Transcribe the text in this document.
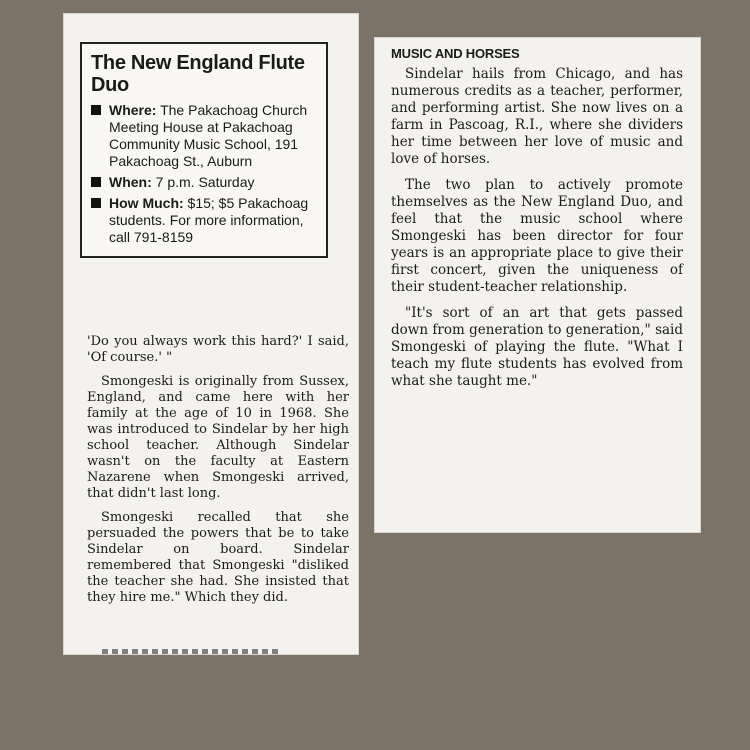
The New England Flute Duo
Where: The Pakachoag Church Meeting House at Pakachoag Community Music School, 191 Pakachoag St., Auburn
When: 7 p.m. Saturday
How Much: $15; $5 Pakachoag students. For more information, call 791-8159

'Do you always work this hard?' I said, 'Of course.' "

Smongeski is originally from Sussex, England, and came here with her family at the age of 10 in 1968. She was introduced to Sindelar by her high school teacher. Although Sindelar wasn't on the faculty at Eastern Nazarene when Smongeski arrived, that didn't last long.

Smongeski recalled that she persuaded the powers that be to take Sindelar on board. Sindelar remembered that Smongeski "disliked the teacher she had. She insisted that they hire me." Which they did.

MUSIC AND HORSES

Sindelar hails from Chicago, and has numerous credits as a teacher, performer, and performing artist. She now lives on a farm in Pascoag, R.I., where she dividers her time between her love of music and love of horses.

The two plan to actively promote themselves as the New England Duo, and feel that the music school where Smongeski has been director for four years is an appropriate place to give their first concert, given the uniqueness of their student-teacher relationship.

"It's sort of an art that gets passed down from generation to generation," said Smongeski of playing the flute. "What I teach my flute students has evolved from what she taught me."
